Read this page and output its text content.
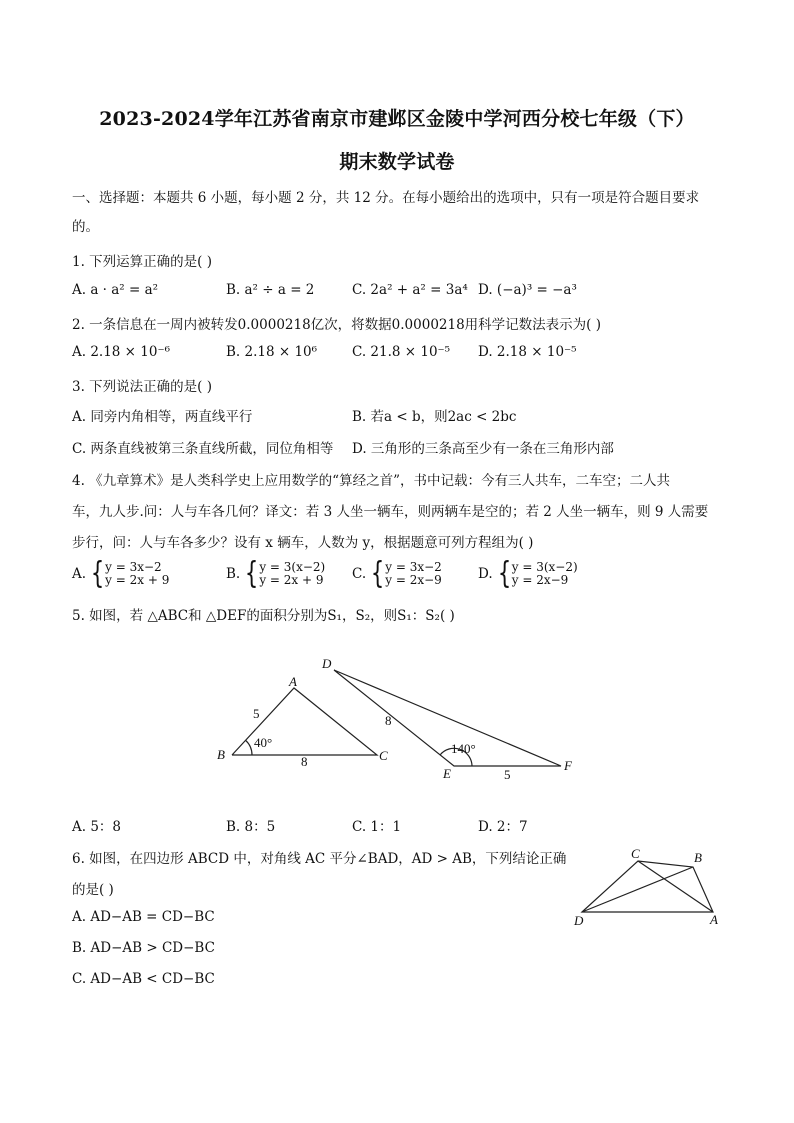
2023-2024学年江苏省南京市建邺区金陵中学河西分校七年级（下）
期末数学试卷
一、选择题：本题共 6 小题，每小题 2 分，共 12 分。在每小题给出的选项中，只有一项是符合题目要求
的。
1. 下列运算正确的是( )
A. a · a² = a²	B. a² ÷ a = 2	C. 2a² + a² = 3a⁴ D. (−a)³ = −a³
2. 一条信息在一周内被转发0.0000218亿次，将数据0.0000218用科学记数法表示为( )
A. 2.18 × 10⁻⁶	B. 2.18 × 10⁶	C. 21.8 × 10⁻⁵ D. 2.18 × 10⁻⁵
3. 下列说法正确的是( )
A. 同旁内角相等，两直线平行	B. 若a < b，则2ac < 2bc
C. 两条直线被第三条直线所截，同位角相等 D. 三角形的三条高至少有一条在三角形内部
4. 《九章算术》是人类科学史上应用数学的“算经之首”，书中记载：今有三人共车，二车空；二人共
车，九人步.问：人与车各几何？译文：若 3 人坐一辆车，则两辆车是空的；若 2 人坐一辆车，则 9 人需要
步行，问：人与车各多少？设有 x 辆车，人数为 y，根据题意可列方程组为( )
A. { y = 3x−2
y = 2x + 9	B. { y = 3(x−2)
y = 2x + 9 C. { y = 3x−2
y = 2x−9	D. { y = 3(x−2)
y = 2x−9
5. 如图，若 △ABC和 △DEF的面积分别为S₁，S₂，则S₁：S₂( )
A
B	C
D
E
F
5
8
40°
8
5
140°
A. 5：8	B. 8：5	C. 1：1	D. 2：7
6. 如图，在四边形 ABCD 中，对角线 AC 平分∠BAD，AD > AB，下列结论正确
的是( )
A. AD−AB = CD−BC
B. AD−AB > CD−BC
C. AD−AB < CD−BC
C	B
D	A
